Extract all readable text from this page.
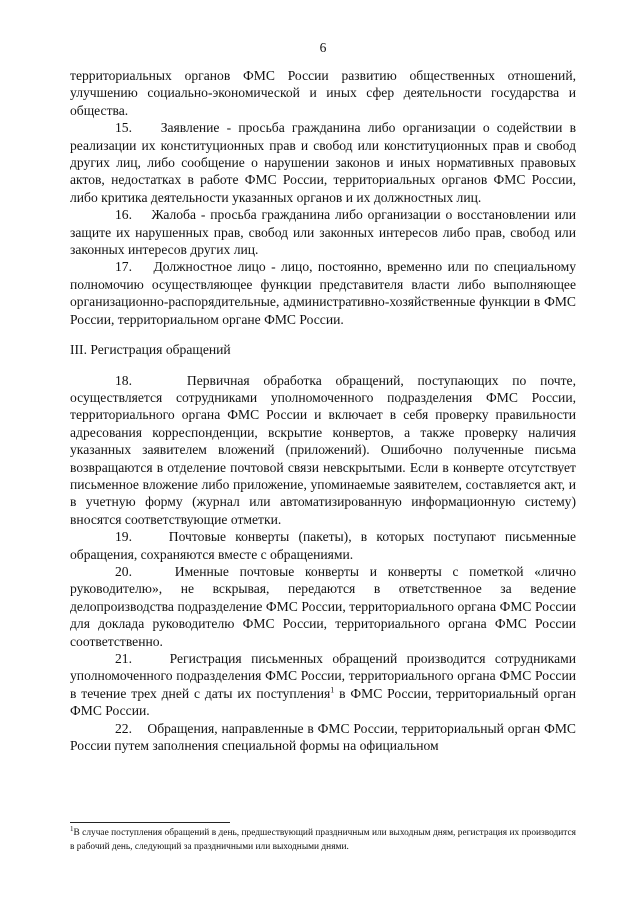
6

территориальных органов ФМС России развитию общественных отношений, улучшению социально-экономической и иных сфер деятельности государства и общества.

15.    Заявление - просьба гражданина либо организации о содействии в реализации их конституционных прав и свобод или конституционных прав и свобод других лиц, либо сообщение о нарушении законов и иных нормативных правовых актов, недостатках в работе ФМС России, территориальных органов ФМС России, либо критика деятельности указанных органов и их должностных лиц.

16.    Жалоба - просьба гражданина либо организации о восстановлении или защите их нарушенных прав, свобод или законных интересов либо прав, свобод или законных интересов других лиц.

17.    Должностное лицо - лицо, постоянно, временно или по специальному полномочию осуществляющее функции представителя власти либо выполняющее организационно-распорядительные, административно-хозяйственные функции в ФМС России, территориальном органе ФМС России.

III. Регистрация обращений

18.    Первичная обработка обращений, поступающих по почте, осуществляется сотрудниками уполномоченного подразделения ФМС России, территориального органа ФМС России и включает в себя проверку правильности адресования корреспонденции, вскрытие конвертов, а также проверку наличия указанных заявителем вложений (приложений). Ошибочно полученные письма возвращаются в отделение почтовой связи невскрытыми. Если в конверте отсутствует письменное вложение либо приложение, упоминаемые заявителем, составляется акт, и в учетную форму (журнал или автоматизированную информационную систему) вносятся соответствующие отметки.

19.    Почтовые конверты (пакеты), в которых поступают письменные обращения, сохраняются вместе с обращениями.

20.    Именные почтовые конверты и конверты с пометкой «лично руководителю», не вскрывая, передаются в ответственное за ведение делопроизводства подразделение ФМС России, территориального органа ФМС России для доклада руководителю ФМС России, территориального органа ФМС России соответственно.

21.    Регистрация письменных обращений производится сотрудниками уполномоченного подразделения ФМС России, территориального органа ФМС России в течение трех дней с даты их поступления$^1$ в ФМС России, территориальный орган ФМС России.

22.    Обращения, направленные в ФМС России, территориальный орган ФМС России путем заполнения специальной формы на официальном

$^1$В случае поступления обращений в день, предшествующий праздничным или выходным дням, регистрация их производится в рабочий день, следующий за праздничными или выходными днями.
